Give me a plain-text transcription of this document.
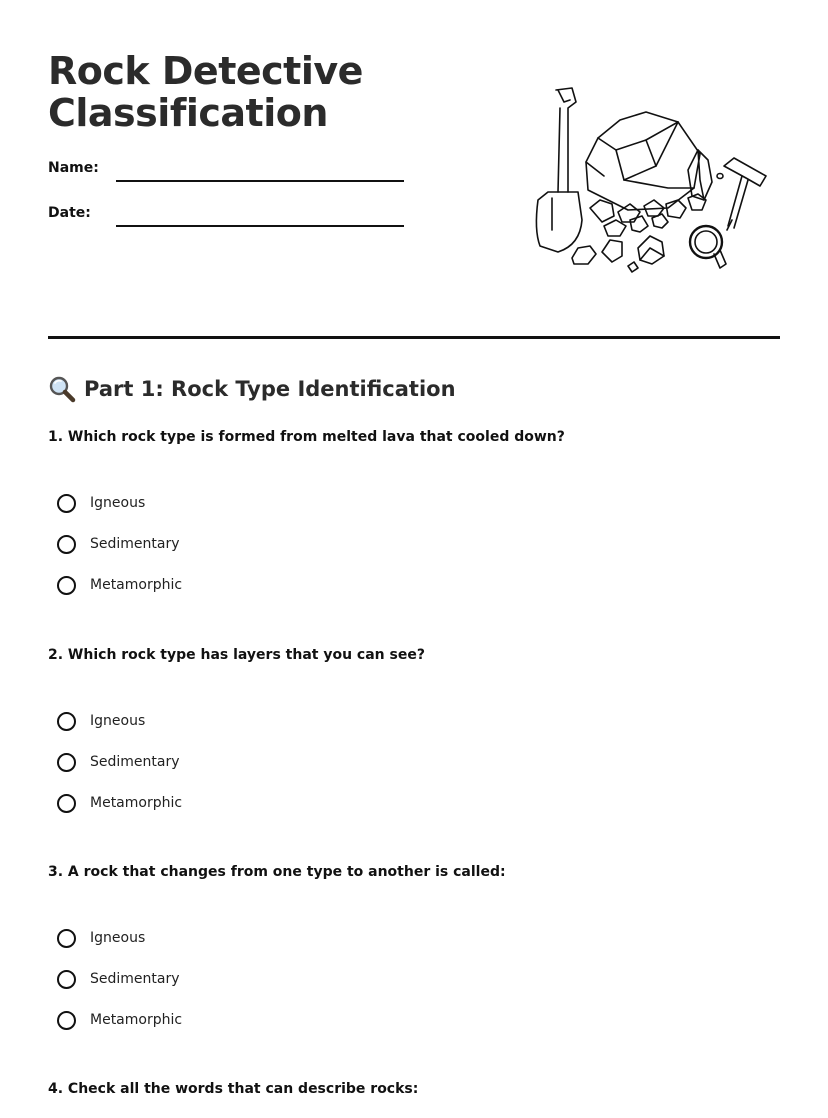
Rock Detective
Classification
Name:
Date:
Part 1: Rock Type Identification
1. Which rock type is formed from melted lava that cooled down?
Igneous
Sedimentary
Metamorphic
2. Which rock type has layers that you can see?
Igneous
Sedimentary
Metamorphic
3. A rock that changes from one type to another is called:
Igneous
Sedimentary
Metamorphic
4. Check all the words that can describe rocks:
